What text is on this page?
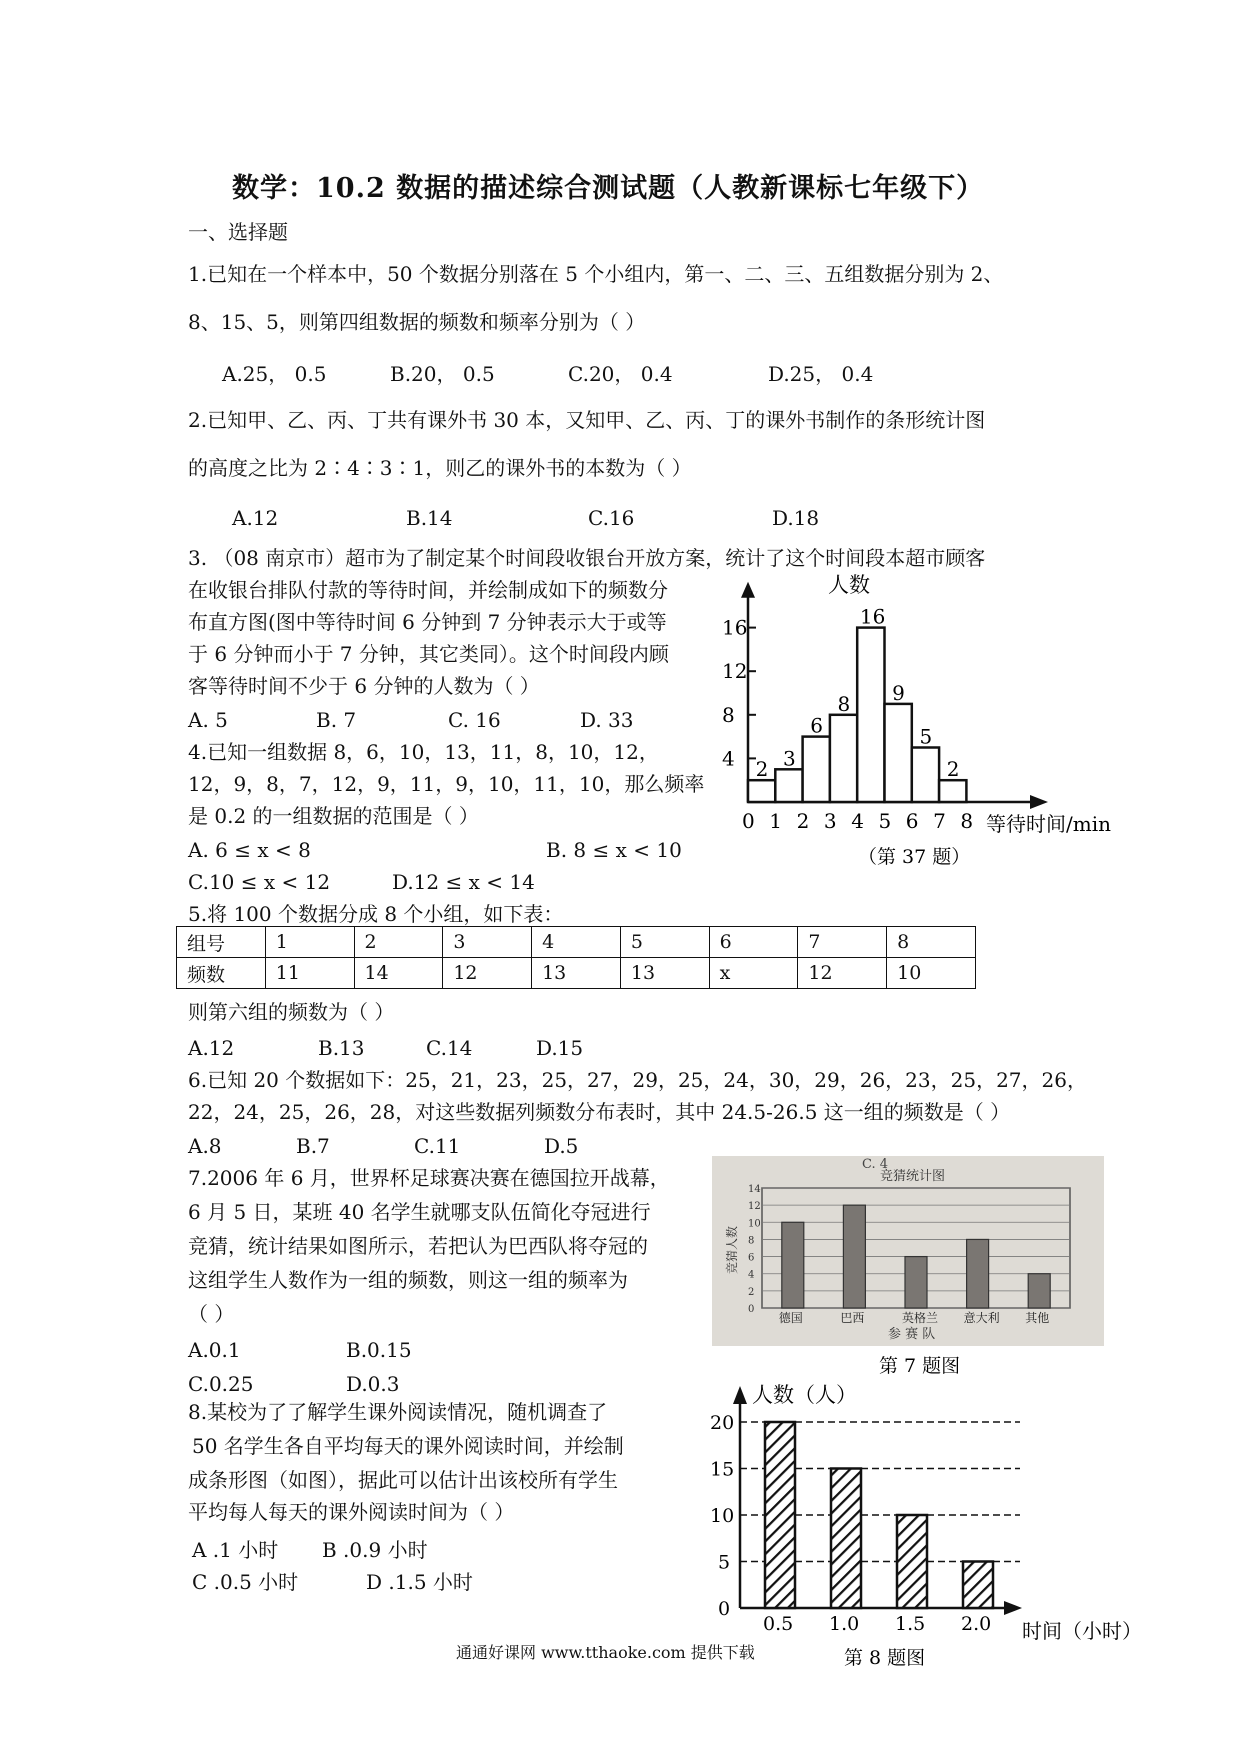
数学：10.2 数据的描述综合测试题（人教新课标七年级下）
一、选择题
1.已知在一个样本中，50 个数据分别落在 5 个小组内，第一、二、三、五组数据分别为 2、
8、15、5，则第四组数据的频数和频率分别为（ ）
A.25， 0.5	B.20， 0.5	C.20， 0.4	D.25， 0.4
2.已知甲、乙、丙、丁共有课外书 30 本，又知甲、乙、丙、丁的课外书制作的条形统计图
的高度之比为 2∶4∶3∶1，则乙的课外书的本数为（ ）
A.12	B.14	C.16	D.18
3. （08 南京市）超市为了制定某个时间段收银台开放方案，统计了这个时间段本超市顾客
在收银台排队付款的等待时间，并绘制成如下的频数分
布直方图(图中等待时间 6 分钟到 7 分钟表示大于或等
于 6 分钟而小于 7 分钟，其它类同）。这个时间段内顾
客等待时间不少于 6 分钟的人数为（ ）
A. 5	B. 7	C. 16	D. 33
4.已知一组数据 8，6，10，13，11，8，10，12，
12，9，8，7，12，9，11，9，10，11，10，那么频率
是 0.2 的一组数据的范围是（ ）
A. 6 ≤ x < 8	B. 8 ≤ x < 10
C.10 ≤ x < 12	D.12 ≤ x < 14
4
8
12
16
0 1 2 3 4 5 6 7 8
2 3
6
8
16
9
5
2
人数
等待时间/min
（第 37 题）
5.将 100 个数据分成 8 个小组，如下表：
组号	1	2	3	4	5	6	7	8
频数	11	14	12	13	13	x	12	10
则第六组的频数为（ ）
A.12	B.13	C.14	D.15
6.已知 20 个数据如下：25，21，23，25，27，29，25，24，30，29，26，23，25，27，26，
22，24，25，26，28，对这些数据列频数分布表时，其中 24.5-26.5 这一组的频数是（ ）
A.8	B.7	C.11	D.5
7.2006 年 6 月，世界杯足球赛决赛在德国拉开战幕，
6 月 5 日，某班 40 名学生就哪支队伍简化夺冠进行
竞猜，统计结果如图所示，若把认为巴西队将夺冠的
这组学生人数作为一组的频数，则这一组的频率为
（ ）
A.0.1	B.0.15
C.0.25	D.0.3
C. 4
竞猜统计图
0
2
4
6
8
10
12
14
竞猜人数
德国	巴西	英格兰 意大利 其他
参 赛 队
第 7 题图
8.某校为了了解学生课外阅读情况，随机调查了
50 名学生各自平均每天的课外阅读时间，并绘制
成条形图（如图），据此可以估计出该校所有学生
平均每人每天的课外阅读时间为（ ）
A .1 小时 B .0.9 小时
C .0.5 小时	D .1.5 小时
0
5
10
15
20
0.5 1.0 1.5 2.0
人数（人）
时间（小时）
第 8 题图
通通好课网 www.tthaoke.com 提供下载
